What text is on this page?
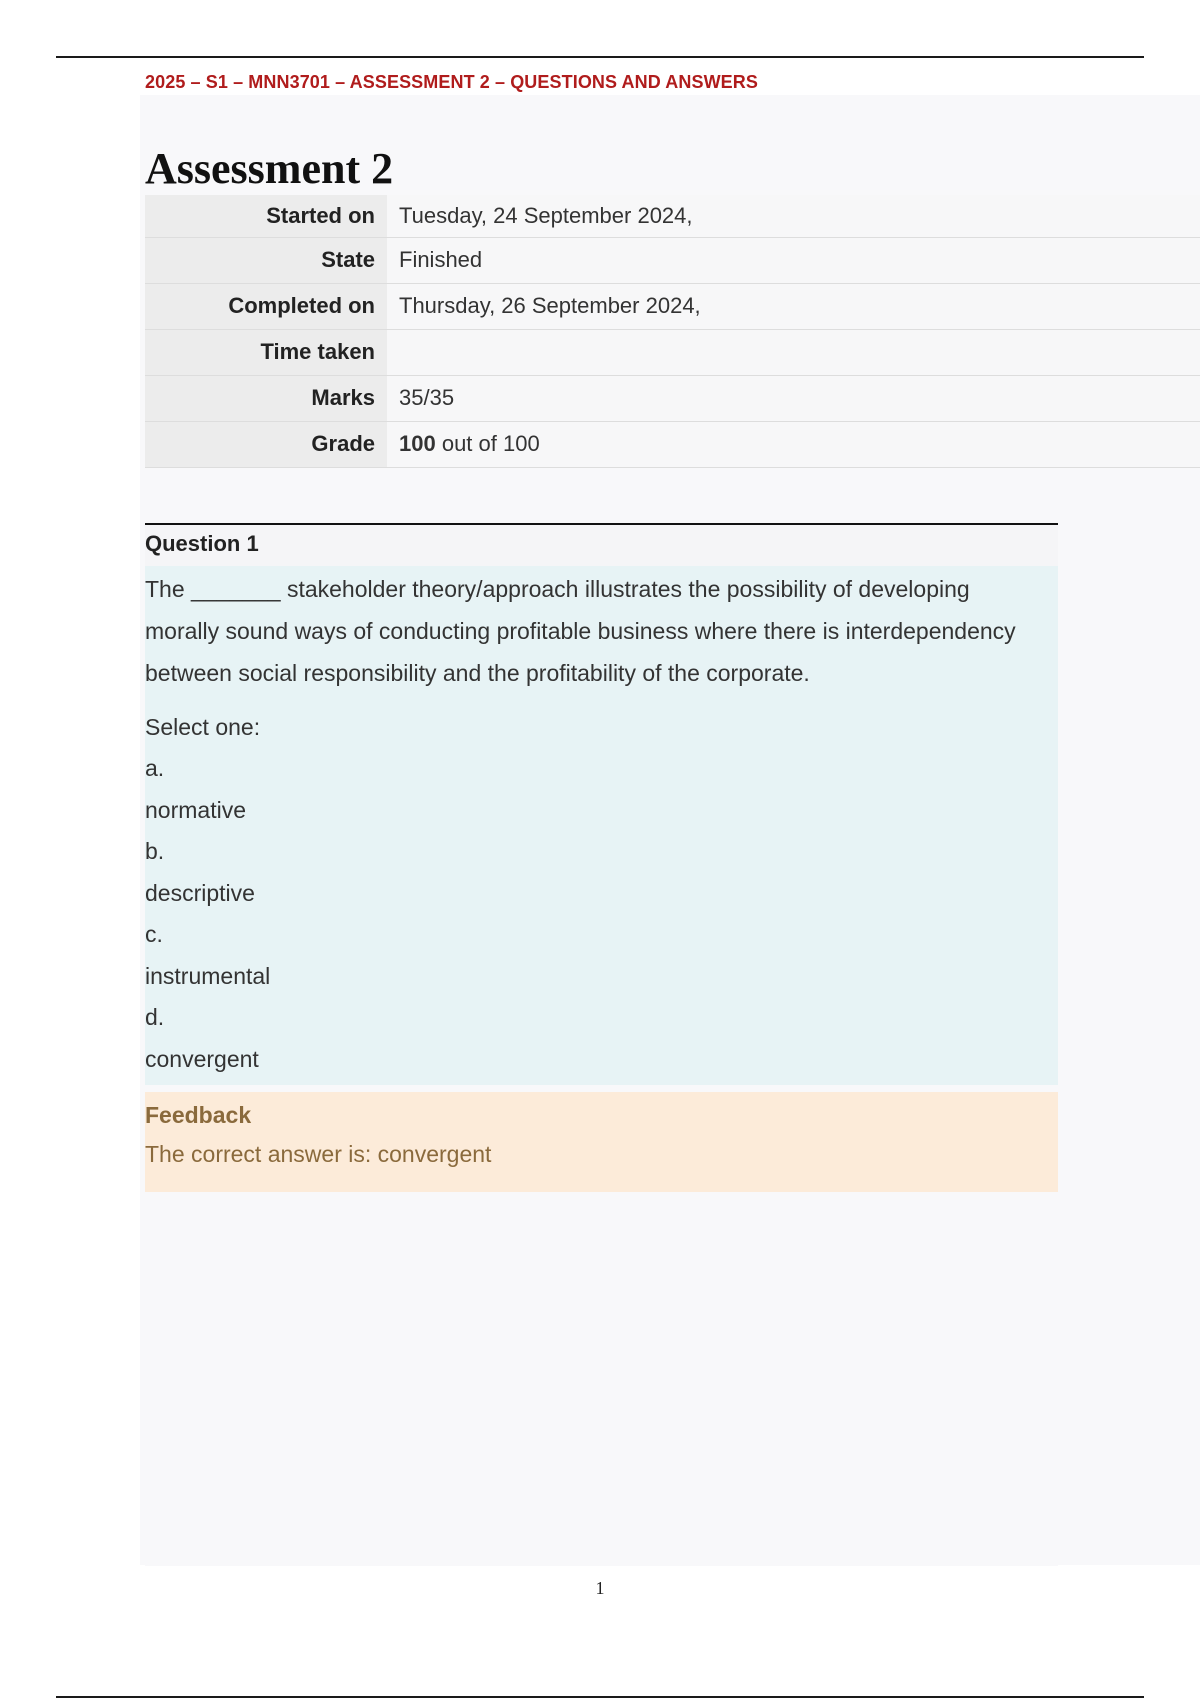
2025 – S1 – MNN3701 – ASSESSMENT 2 – QUESTIONS AND ANSWERS
Assessment 2
Started on	Tuesday, 24 September 2024,
State	Finished
Completed on	Thursday, 26 September 2024,
Time taken	
Marks	35/35
Grade	100 out of 100
Question 1

The _______ stakeholder theory/approach illustrates the possibility of developing morally sound ways of conducting profitable business where there is interdependency between social responsibility and the profitability of the corporate.

Select one:
a.
normative
b.
descriptive
c.
instrumental
d.
convergent
Feedback
The correct answer is: convergent
1
